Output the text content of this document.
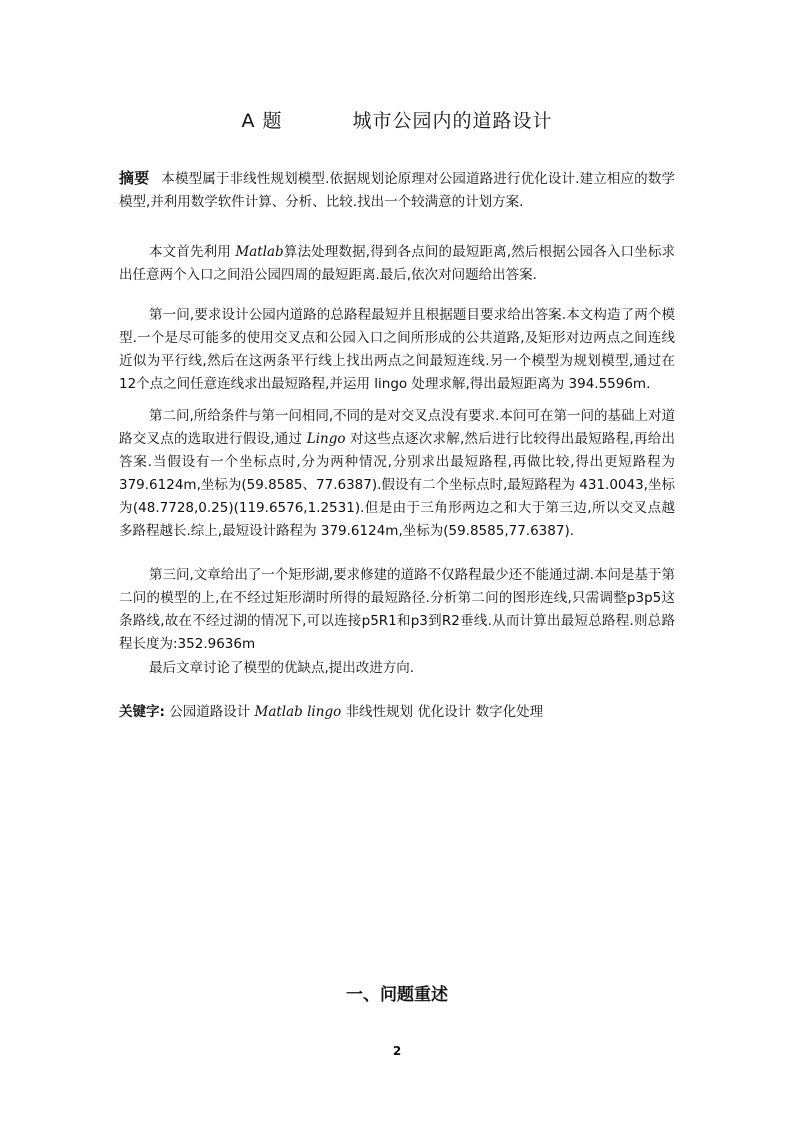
A 题	城市公园内的道路设计

摘要 本模型属于非线性规划模型.依据规划论原理对公园道路进行优化设计.建立相应的数学模型,并利用数学软件计算、分析、比较.找出一个较满意的计划方案.

本文首先利用 Matlab算法处理数据,得到各点间的最短距离,然后根据公园各入口坐标求出任意两个入口之间沿公园四周的最短距离.最后,依次对问题给出答案.

第一问,要求设计公园内道路的总路程最短并且根据题目要求给出答案.本文构造了两个模型.一个是尽可能多的使用交叉点和公园入口之间所形成的公共道路,及矩形对边两点之间连线近似为平行线,然后在这两条平行线上找出两点之间最短连线.另一个模型为规划模型,通过在12个点之间任意连线求出最短路程,并运用 lingo 处理求解,得出最短距离为 394.5596m.

第二问,所给条件与第一问相同,不同的是对交叉点没有要求.本问可在第一问的基础上对道路交叉点的选取进行假设,通过 Lingo 对这些点逐次求解,然后进行比较得出最短路程,再给出答案.当假设有一个坐标点时,分为两种情况,分别求出最短路程,再做比较,得出更短路程为 379.6124m,坐标为(59.8585、77.6387).假设有二个坐标点时,最短路程为 431.0043,坐标为(48.7728,0.25)(119.6576,1.2531).但是由于三角形两边之和大于第三边,所以交叉点越多路程越长.综上,最短设计路程为 379.6124m,坐标为(59.8585,77.6387).

第三问,文章给出了一个矩形湖,要求修建的道路不仅路程最少还不能通过湖.本问是基于第二问的模型的上,在不经过矩形湖时所得的最短路径.分析第二问的图形连线,只需调整p3p5这条路线,故在不经过湖的情况下,可以连接p5R1和p3到R2垂线.从而计算出最短总路程.则总路程长度为:352.9636m

最后文章讨论了模型的优缺点,提出改进方向.

关键字: 公园道路设计 Matlab lingo 非线性规划 优化设计 数字化处理
一、问题重述
2
